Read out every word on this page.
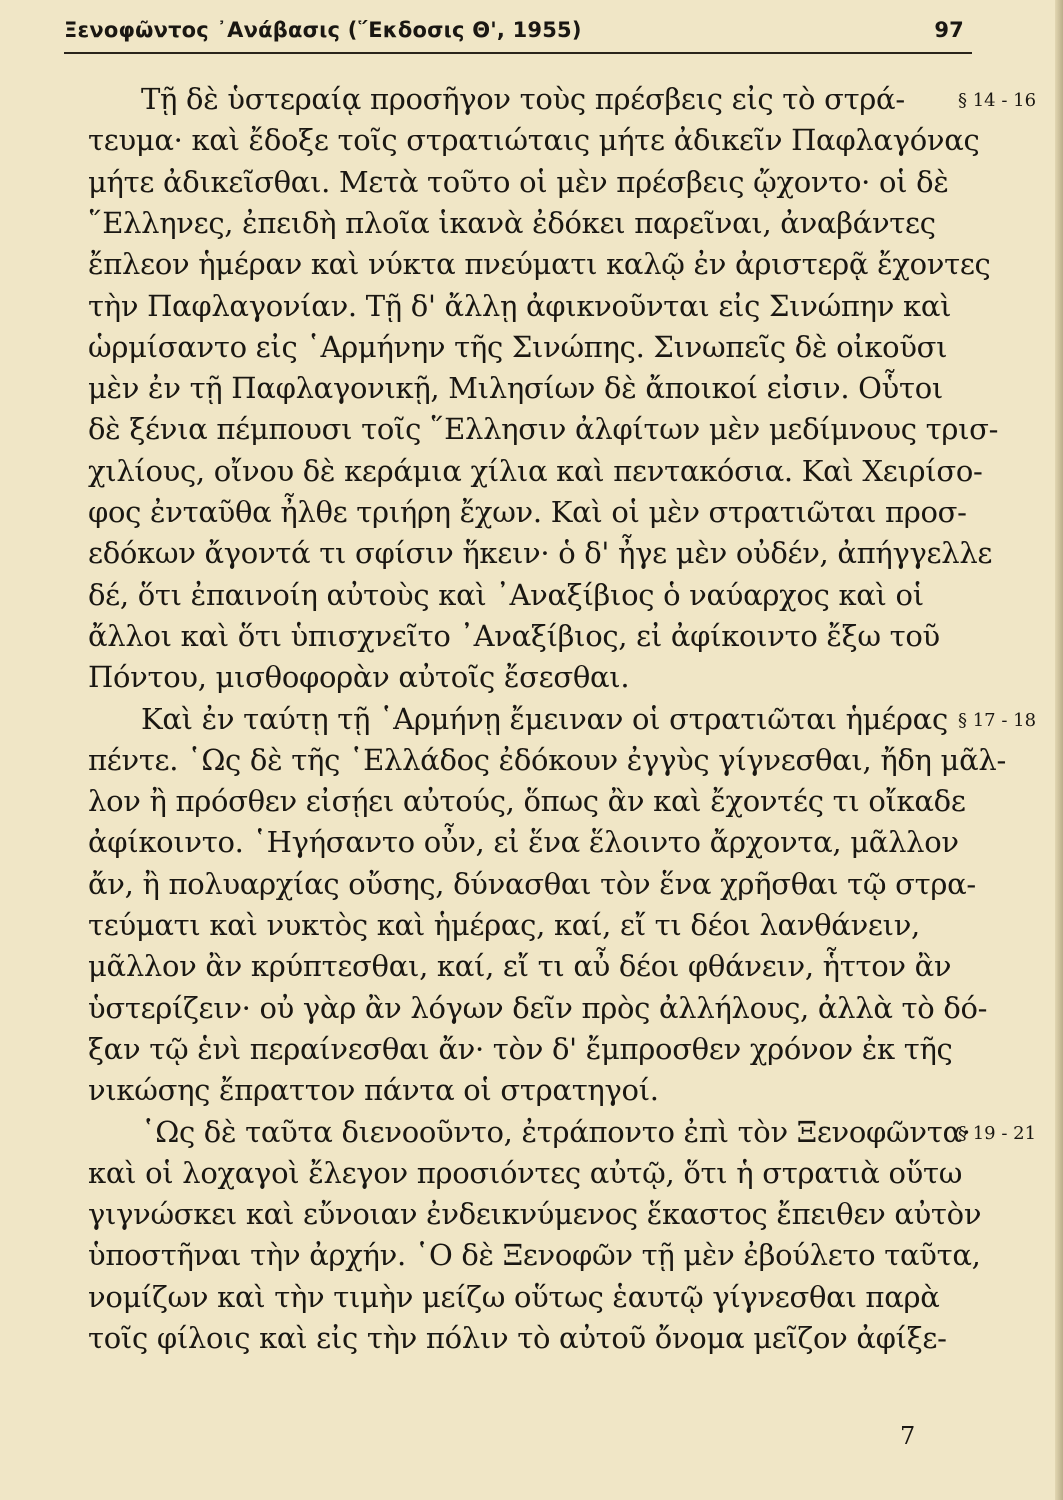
Ξενοφῶντος ᾿Ανάβασις (῞Εκδοσις Θ', 1955)	97
Τῇ δὲ ὑστεραίᾳ προσῆγον τοὺς πρέσβεις εἰς τὸ στρά-
τευμα· καὶ ἔδοξε τοῖς στρατιώταις μήτε ἀδικεῖν Παφλαγόνας
μήτε ἀδικεῖσθαι. Μετὰ τοῦτο οἱ μὲν πρέσβεις ᾤχοντο· οἱ δὲ
῞Ελληνες, ἐπειδὴ πλοῖα ἱκανὰ ἐδόκει παρεῖναι, ἀναβάντες
ἔπλεον ἡμέραν καὶ νύκτα πνεύματι καλῷ ἐν ἀριστερᾷ ἔχοντες
τὴν Παφλαγονίαν. Τῇ δ' ἄλλῃ ἀφικνοῦνται εἰς Σινώπην καὶ
ὡρμίσαντο εἰς ῾Αρμήνην τῆς Σινώπης. Σινωπεῖς δὲ οἰκοῦσι
μὲν ἐν τῇ Παφλαγονικῇ, Μιλησίων δὲ ἄποικοί εἰσιν. Οὗτοι
δὲ ξένια πέμπουσι τοῖς ῞Ελλησιν ἀλφίτων μὲν μεδίμνους τρισ-
χιλίους, οἴνου δὲ κεράμια χίλια καὶ πεντακόσια. Καὶ Χειρίσο-
φος ἐνταῦθα ἦλθε τριήρη ἔχων. Καὶ οἱ μὲν στρατιῶται προσ-
εδόκων ἄγοντά τι σφίσιν ἥκειν· ὁ δ' ἦγε μὲν οὐδέν, ἀπήγγελλε
δέ, ὅτι ἐπαινοίη αὐτοὺς καὶ ᾿Αναξίβιος ὁ ναύαρχος καὶ οἱ
ἄλλοι καὶ ὅτι ὑπισχνεῖτο ᾿Αναξίβιος, εἰ ἀφίκοιντο ἔξω τοῦ
Πόντου, μισθοφορὰν αὐτοῖς ἔσεσθαι.
Καὶ ἐν ταύτῃ τῇ ῾Αρμήνῃ ἔμειναν οἱ στρατιῶται ἡμέρας
πέντε. ῾Ως δὲ τῆς ῾Ελλάδος ἐδόκουν ἐγγὺς γίγνεσθαι, ἤδη μᾶλ-
λον ἢ πρόσθεν εἰσῄει αὐτούς, ὅπως ἂν καὶ ἔχοντές τι οἴκαδε
ἀφίκοιντο. ῾Ηγήσαντο οὖν, εἰ ἕνα ἕλοιντο ἄρχοντα, μᾶλλον
ἄν, ἢ πολυαρχίας οὔσης, δύνασθαι τὸν ἕνα χρῆσθαι τῷ στρα-
τεύματι καὶ νυκτὸς καὶ ἡμέρας, καί, εἴ τι δέοι λανθάνειν,
μᾶλλον ἂν κρύπτεσθαι, καί, εἴ τι αὖ δέοι φθάνειν, ἧττον ἂν
ὑστερίζειν· οὐ γὰρ ἂν λόγων δεῖν πρὸς ἀλλήλους, ἀλλὰ τὸ δό-
ξαν τῷ ἑνὶ περαίνεσθαι ἄν· τὸν δ' ἔμπροσθεν χρόνον ἐκ τῆς
νικώσης ἔπραττον πάντα οἱ στρατηγοί.
῾Ως δὲ ταῦτα διενοοῦντο, ἐτράποντο ἐπὶ τὸν Ξενοφῶντα·
καὶ οἱ λοχαγοὶ ἔλεγον προσιόντες αὐτῷ, ὅτι ἡ στρατιὰ οὕτω
γιγνώσκει καὶ εὔνοιαν ἐνδεικνύμενος ἕκαστος ἔπειθεν αὐτὸν
ὑποστῆναι τὴν ἀρχήν. ῾Ο δὲ Ξενοφῶν τῇ μὲν ἐβούλετο ταῦτα,
νομίζων καὶ τὴν τιμὴν μείζω οὕτως ἑαυτῷ γίγνεσθαι παρὰ
τοῖς φίλοις καὶ εἰς τὴν πόλιν τὸ αὐτοῦ ὄνομα μεῖζον ἀφίξε-
7
§ 14 - 16
§ 17 - 18
§ 19 - 21
